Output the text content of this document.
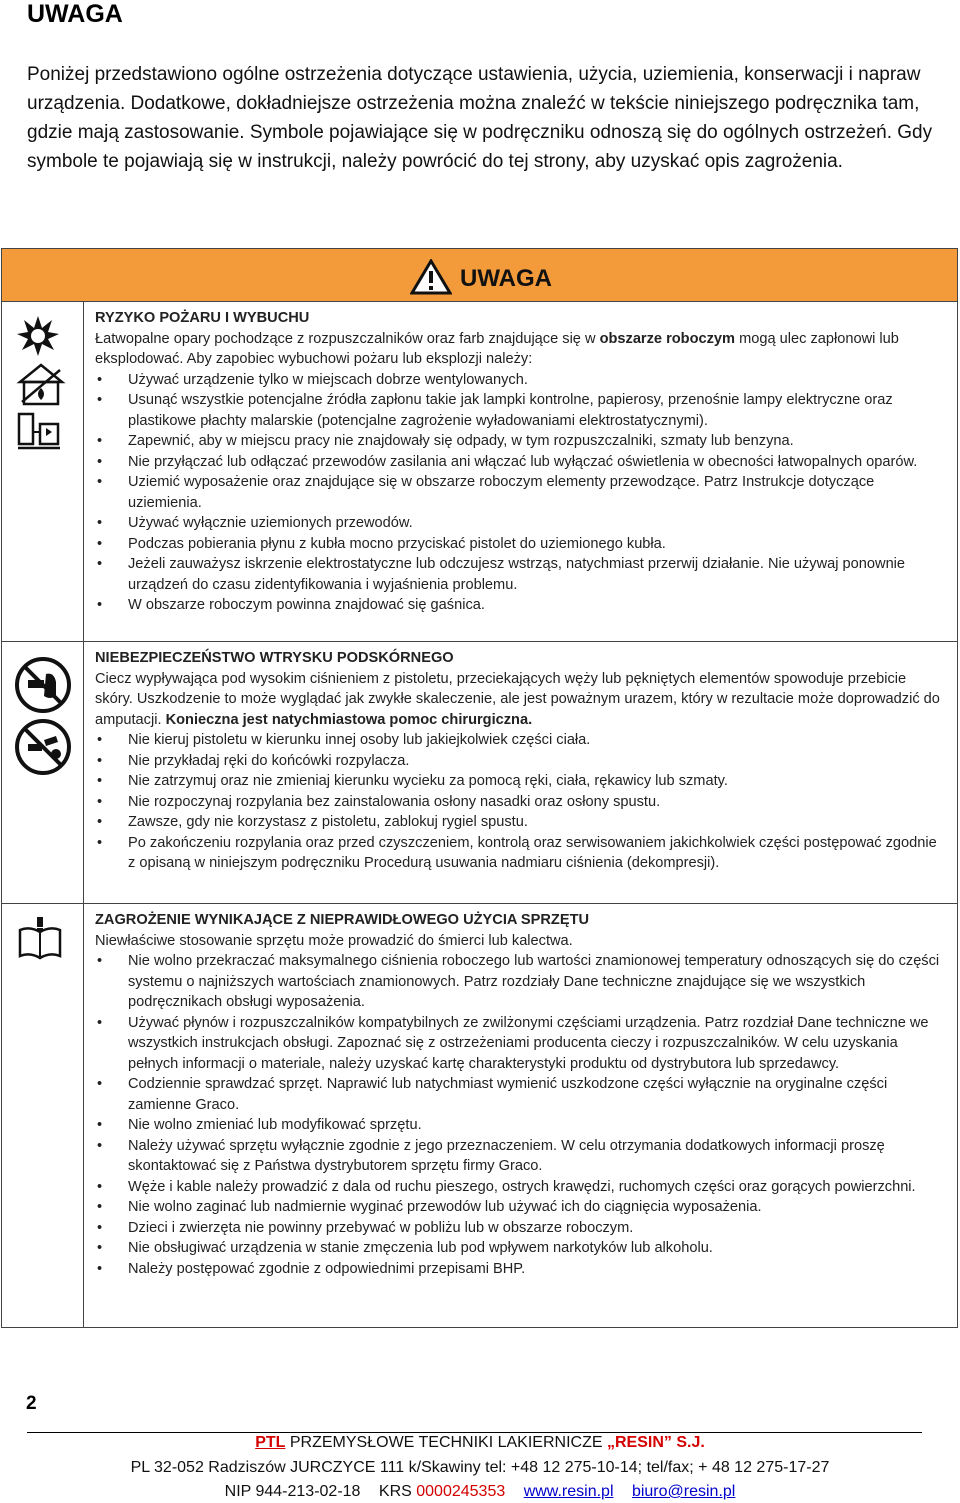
UWAGA
Poniżej przedstawiono ogólne ostrzeżenia dotyczące ustawienia, użycia, uziemienia, konserwacji i napraw urządzenia. Dodatkowe, dokładniejsze ostrzeżenia można znaleźć w tekście niniejszego podręcznika tam, gdzie mają zastosowanie. Symbole pojawiające się w podręczniku odnoszą się do ogólnych ostrzeżeń. Gdy symbole te pojawiają się w instrukcji, należy powrócić do tej strony, aby uzyskać opis zagrożenia.
UWAGA
RYZYKO POŻARU I WYBUCHU
Łatwopalne opary pochodzące z rozpuszczalników oraz farb znajdujące się w obszarze roboczym mogą ulec zapłonowi lub eksplodować. Aby zapobiec wybuchowi pożaru lub eksplozji należy:
• Używać urządzenie tylko w miejscach dobrze wentylowanych.
• Usunąć wszystkie potencjalne źródła zapłonu takie jak lampki kontrolne, papierosy, przenośnie lampy elektryczne oraz plastikowe płachty malarskie (potencjalne zagrożenie wyładowaniami elektrostatycznymi).
• Zapewnić, aby w miejscu pracy nie znajdowały się odpady, w tym rozpuszczalniki, szmaty lub benzyna.
• Nie przyłączać lub odłączać przewodów zasilania ani włączać lub wyłączać oświetlenia w obecności łatwopalnych oparów.
• Uziemić wyposażenie oraz znajdujące się w obszarze roboczym elementy przewodzące. Patrz Instrukcje dotyczące uziemienia.
• Używać wyłącznie uziemionych przewodów.
• Podczas pobierania płynu z kubła mocno przyciskać pistolet do uziemionego kubła.
• Jeżeli zauważysz iskrzenie elektrostatyczne lub odczujesz wstrząs, natychmiast przerwij działanie. Nie używaj ponownie urządzeń do czasu zidentyfikowania i wyjaśnienia problemu.
• W obszarze roboczym powinna znajdować się gaśnica.
NIEBEZPIECZEŃSTWO WTRYSKU PODSKÓRNEGO
Ciecz wypływająca pod wysokim ciśnieniem z pistoletu, przeciekających węży lub pękniętych elementów spowoduje przebicie skóry. Uszkodzenie to może wyglądać jak zwykłe skaleczenie, ale jest poważnym urazem, który w rezultacie może doprowadzić do amputacji. Konieczna jest natychmiastowa pomoc chirurgiczna.
• Nie kieruj pistoletu w kierunku innej osoby lub jakiejkolwiek części ciała.
• Nie przykładaj ręki do końcówki rozpylacza.
• Nie zatrzymuj oraz nie zmieniaj kierunku wycieku za pomocą ręki, ciała, rękawicy lub szmaty.
• Nie rozpoczynaj rozpylania bez zainstalowania osłony nasadki oraz osłony spustu.
• Zawsze, gdy nie korzystasz z pistoletu, zablokuj rygiel spustu.
• Po zakończeniu rozpylania oraz przed czyszczeniem, kontrolą oraz serwisowaniem jakichkolwiek części postępować zgodnie z opisaną w niniejszym podręczniku Procedurą usuwania nadmiaru ciśnienia (dekompresji).
ZAGROŻENIE WYNIKAJĄCE Z NIEPRAWIDŁOWEGO UŻYCIA SPRZĘTU
Niewłaściwe stosowanie sprzętu może prowadzić do śmierci lub kalectwa.
• Nie wolno przekraczać maksymalnego ciśnienia roboczego lub wartości znamionowej temperatury odnoszących się do części systemu o najniższych wartościach znamionowych. Patrz rozdziały Dane techniczne znajdujące się we wszystkich podręcznikach obsługi wyposażenia.
• Używać płynów i rozpuszczalników kompatybilnych ze zwilżonymi częściami urządzenia. Patrz rozdział Dane techniczne we wszystkich instrukcjach obsługi. Zapoznać się z ostrzeżeniami producenta cieczy i rozpuszczalników. W celu uzyskania pełnych informacji o materiale, należy uzyskać kartę charakterystyki produktu od dystrybutora lub sprzedawcy.
• Codziennie sprawdzać sprzęt. Naprawić lub natychmiast wymienić uszkodzone części wyłącznie na oryginalne części zamienne Graco.
• Nie wolno zmieniać lub modyfikować sprzętu.
• Należy używać sprzętu wyłącznie zgodnie z jego przeznaczeniem. W celu otrzymania dodatkowych informacji proszę skontaktować się z Państwa dystrybutorem sprzętu firmy Graco.
• Węże i kable należy prowadzić z dala od ruchu pieszego, ostrych krawędzi, ruchomych części oraz gorących powierzchni.
• Nie wolno zaginać lub nadmiernie wyginać przewodów lub używać ich do ciągnięcia wyposażenia.
• Dzieci i zwierzęta nie powinny przebywać w pobliżu lub w obszarze roboczym.
• Nie obsługiwać urządzenia w stanie zmęczenia lub pod wpływem narkotyków lub alkoholu.
• Należy postępować zgodnie z odpowiednimi przepisami BHP.
2
PTL PRZEMYSŁOWE TECHNIKI LAKIERNICZE „RESIN” S.J.
PL 32-052 Radziszów JURCZYCE 111 k/Skawiny tel: +48 12 275-10-14; tel/fax; + 48 12 275-17-27
NIP 944-213-02-18 KRS 0000245353 www.resin.pl biuro@resin.pl
